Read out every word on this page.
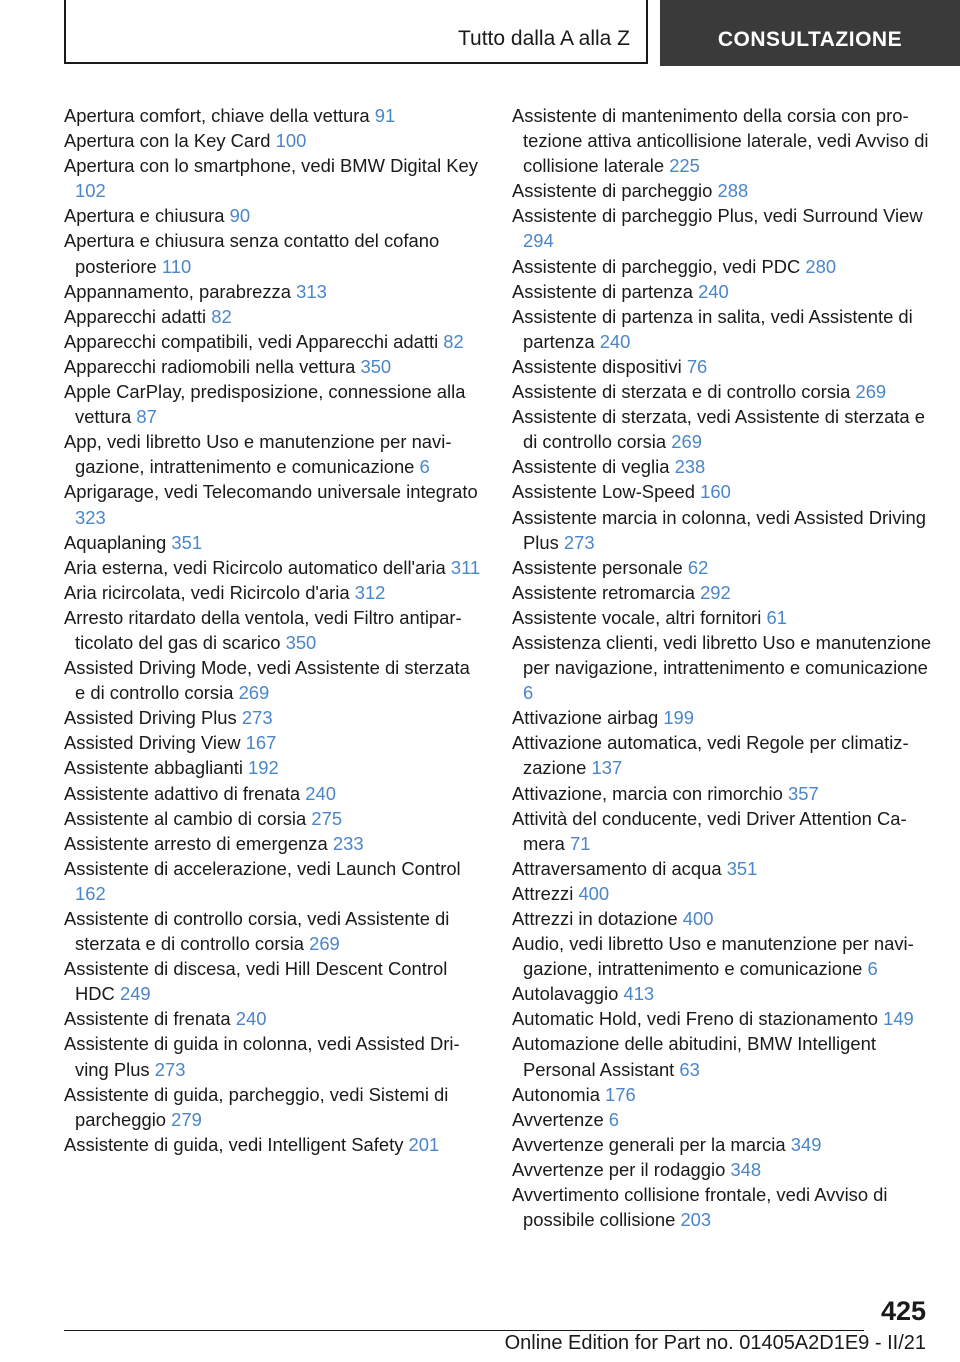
Tutto dalla A alla Z	CONSULTAZIONE

Apertura comfort, chiave della vettura 91

Apertura con la Key Card 100

Apertura con lo smartphone, vedi BMW Digital Key 102

Apertura e chiusura 90

Apertura e chiusura senza contatto del cofano posteriore 110

Appannamento, parabrezza 313

Apparecchi adatti 82

Apparecchi compatibili, vedi Apparecchi adatti 82

Apparecchi radiomobili nella vettura 350

Apple CarPlay, predisposizione, connessione alla vettura 87

App, vedi libretto Uso e manutenzione per navigazione, intrattenimento e comunicazione 6

Aprigarage, vedi Telecomando universale integrato 323

Aquaplaning 351

Aria esterna, vedi Ricircolo automatico dell'aria 311

Aria ricircolata, vedi Ricircolo d'aria 312

Arresto ritardato della ventola, vedi Filtro antiparticolato del gas di scarico 350

Assisted Driving Mode, vedi Assistente di sterzata e di controllo corsia 269

Assisted Driving Plus 273

Assisted Driving View 167

Assistente abbaglianti 192

Assistente adattivo di frenata 240

Assistente al cambio di corsia 275

Assistente arresto di emergenza 233

Assistente di accelerazione, vedi Launch Control 162

Assistente di controllo corsia, vedi Assistente di sterzata e di controllo corsia 269

Assistente di discesa, vedi Hill Descent Control HDC 249

Assistente di frenata 240

Assistente di guida in colonna, vedi Assisted Driving Plus 273

Assistente di guida, parcheggio, vedi Sistemi di parcheggio 279

Assistente di guida, vedi Intelligent Safety 201

Assistente di mantenimento della corsia con protezione attiva anticollisione laterale, vedi Avviso di collisione laterale 225

Assistente di parcheggio 288

Assistente di parcheggio Plus, vedi Surround View 294

Assistente di parcheggio, vedi PDC 280

Assistente di partenza 240

Assistente di partenza in salita, vedi Assistente di partenza 240

Assistente dispositivi 76

Assistente di sterzata e di controllo corsia 269

Assistente di sterzata, vedi Assistente di sterzata e di controllo corsia 269

Assistente di veglia 238

Assistente Low-Speed 160

Assistente marcia in colonna, vedi Assisted Driving Plus 273

Assistente personale 62

Assistente retromarcia 292

Assistente vocale, altri fornitori 61

Assistenza clienti, vedi libretto Uso e manutenzione per navigazione, intrattenimento e comunicazione 6

Attivazione airbag 199

Attivazione automatica, vedi Regole per climatizzazione 137

Attivazione, marcia con rimorchio 357

Attività del conducente, vedi Driver Attention Camera 71

Attraversamento di acqua 351

Attrezzi 400

Attrezzi in dotazione 400

Audio, vedi libretto Uso e manutenzione per navigazione, intrattenimento e comunicazione 6

Autolavaggio 413

Automatic Hold, vedi Freno di stazionamento 149

Automazione delle abitudini, BMW Intelligent Personal Assistant 63

Autonomia 176

Avvertenze 6

Avvertenze generali per la marcia 349

Avvertenze per il rodaggio 348

Avvertimento collisione frontale, vedi Avviso di possibile collisione 203

425
Online Edition for Part no. 01405A2D1E9 - II/21
